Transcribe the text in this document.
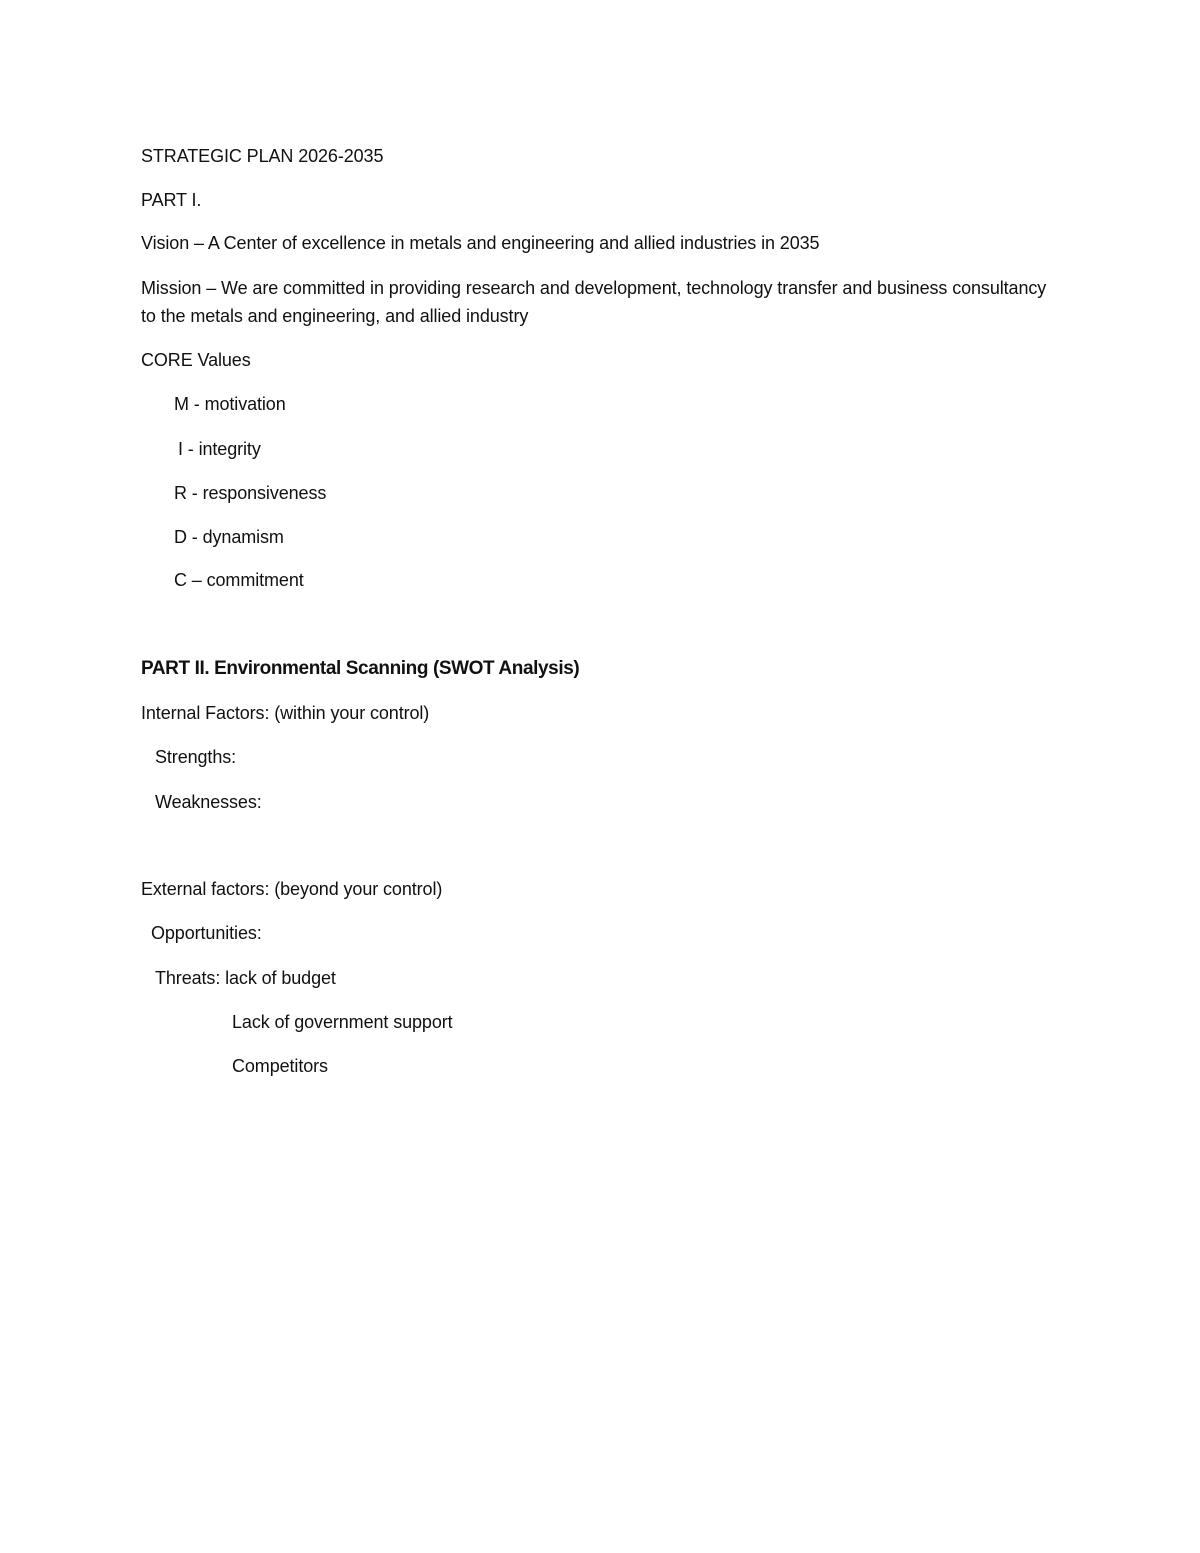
STRATEGIC PLAN 2026-2035
PART I.
Vision – A Center of excellence in metals and engineering and allied industries in 2035
Mission – We are committed in providing research and development, technology transfer and business consultancy to the metals and engineering, and allied industry
CORE Values
M - motivation
I - integrity
R - responsiveness
D - dynamism
C – commitment
PART II. Environmental Scanning (SWOT Analysis)
Internal Factors: (within your control)
Strengths:
Weaknesses:
External factors: (beyond your control)
Opportunities:
Threats: lack of budget
Lack of government support
Competitors
